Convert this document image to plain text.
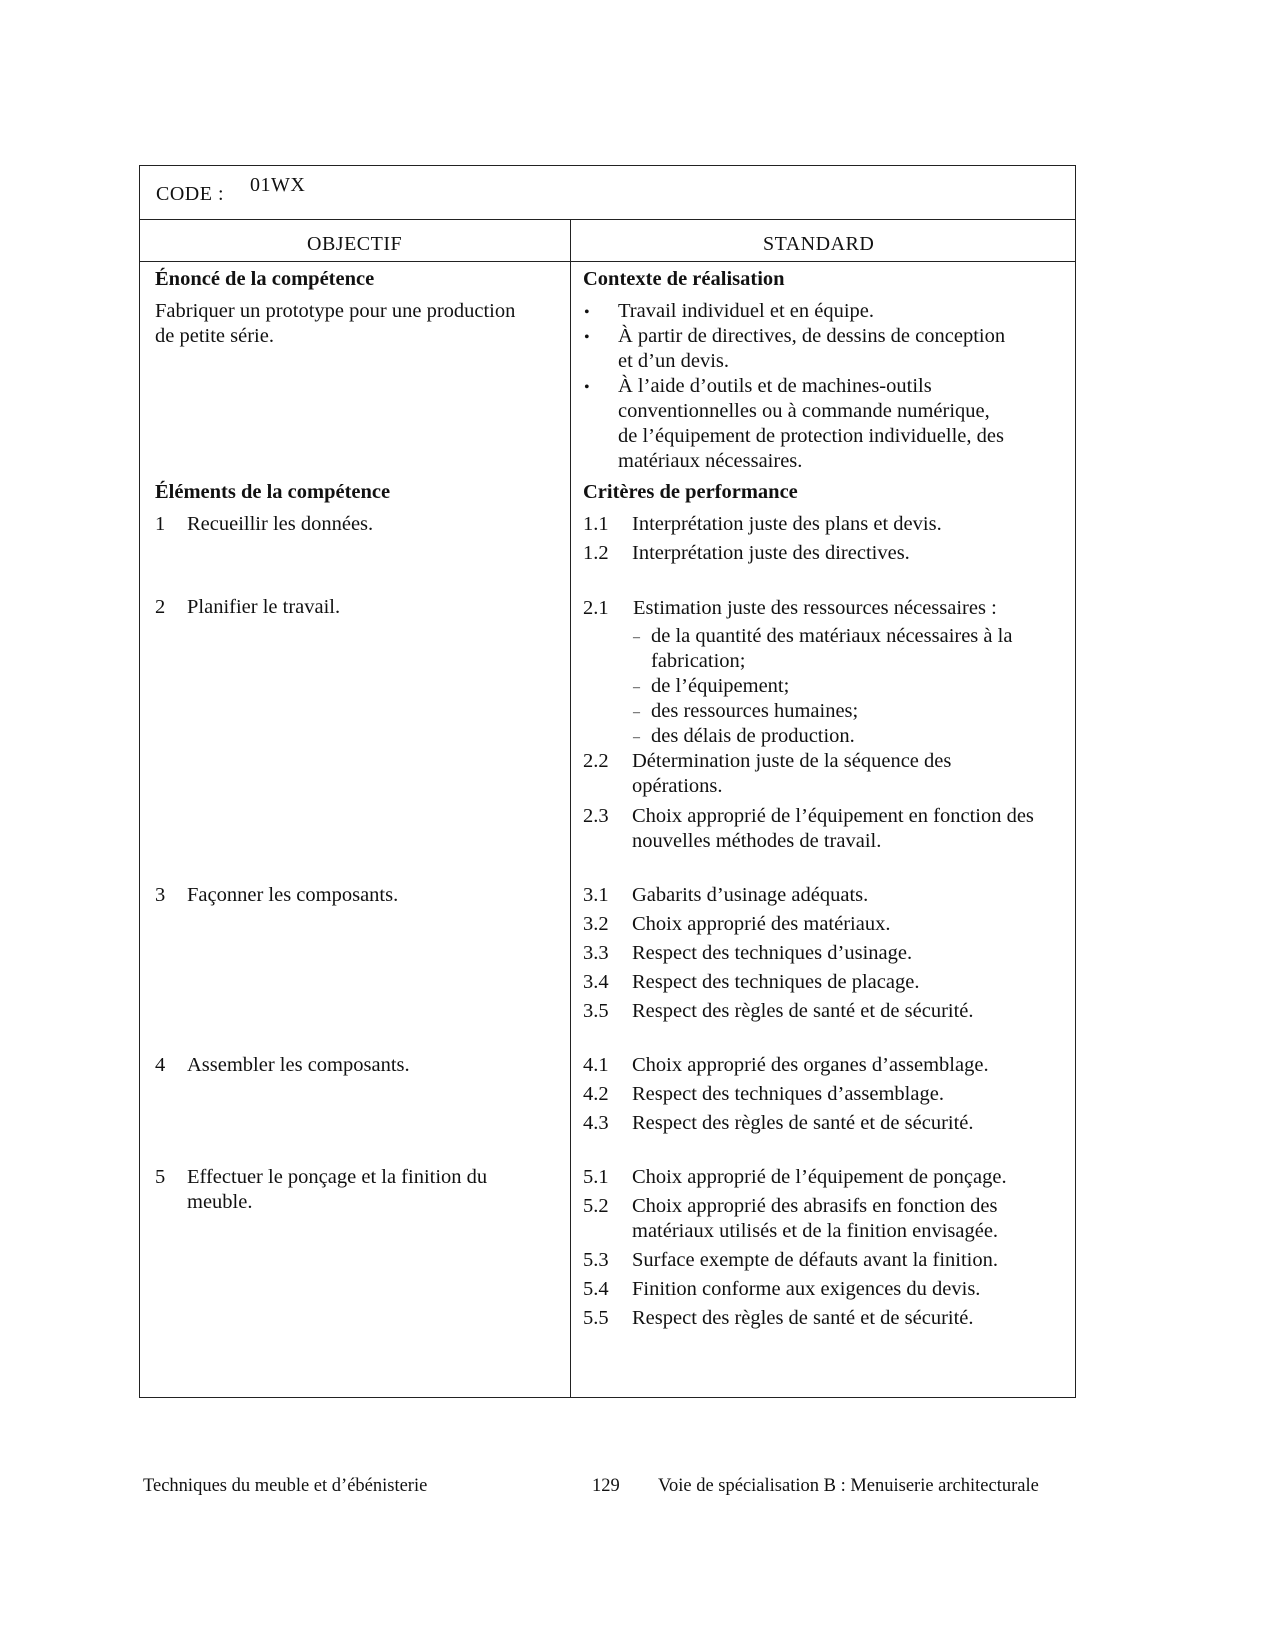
CODE : 01WX
OBJECTIF	STANDARD
Énoncé de la compétence
Fabriquer un prototype pour une production
de petite série.
Éléments de la compétence
1 Recueillir les données.
2 Planifier le travail.
3 Façonner les composants.
4 Assembler les composants.
5 Effectuer le ponçage et la finition du
meuble.
Contexte de réalisation
• Travail individuel et en équipe.
• À partir de directives, de dessins de conception
et d’un devis.
• À l’aide d’outils et de machines-outils
conventionnelles ou à commande numérique,
de l’équipement de protection individuelle, des
matériaux nécessaires.
Critères de performance
1.1 Interprétation juste des plans et devis.
1.2 Interprétation juste des directives.
2.1 Estimation juste des ressources nécessaires :
– de la quantité des matériaux nécessaires à la
fabrication;
– de l’équipement;
– des ressources humaines;
– des délais de production.
2.2 Détermination juste de la séquence des
opérations.
2.3 Choix approprié de l’équipement en fonction des
nouvelles méthodes de travail.
3.1 Gabarits d’usinage adéquats.
3.2 Choix approprié des matériaux.
3.3 Respect des techniques d’usinage.
3.4 Respect des techniques de placage.
3.5 Respect des règles de santé et de sécurité.
4.1 Choix approprié des organes d’assemblage.
4.2 Respect des techniques d’assemblage.
4.3 Respect des règles de santé et de sécurité.
5.1 Choix approprié de l’équipement de ponçage.
5.2 Choix approprié des abrasifs en fonction des
matériaux utilisés et de la finition envisagée.
5.3 Surface exempte de défauts avant la finition.
5.4 Finition conforme aux exigences du devis.
5.5 Respect des règles de santé et de sécurité.
Techniques du meuble et d’ébénisterie	129 Voie de spécialisation B : Menuiserie architecturale
